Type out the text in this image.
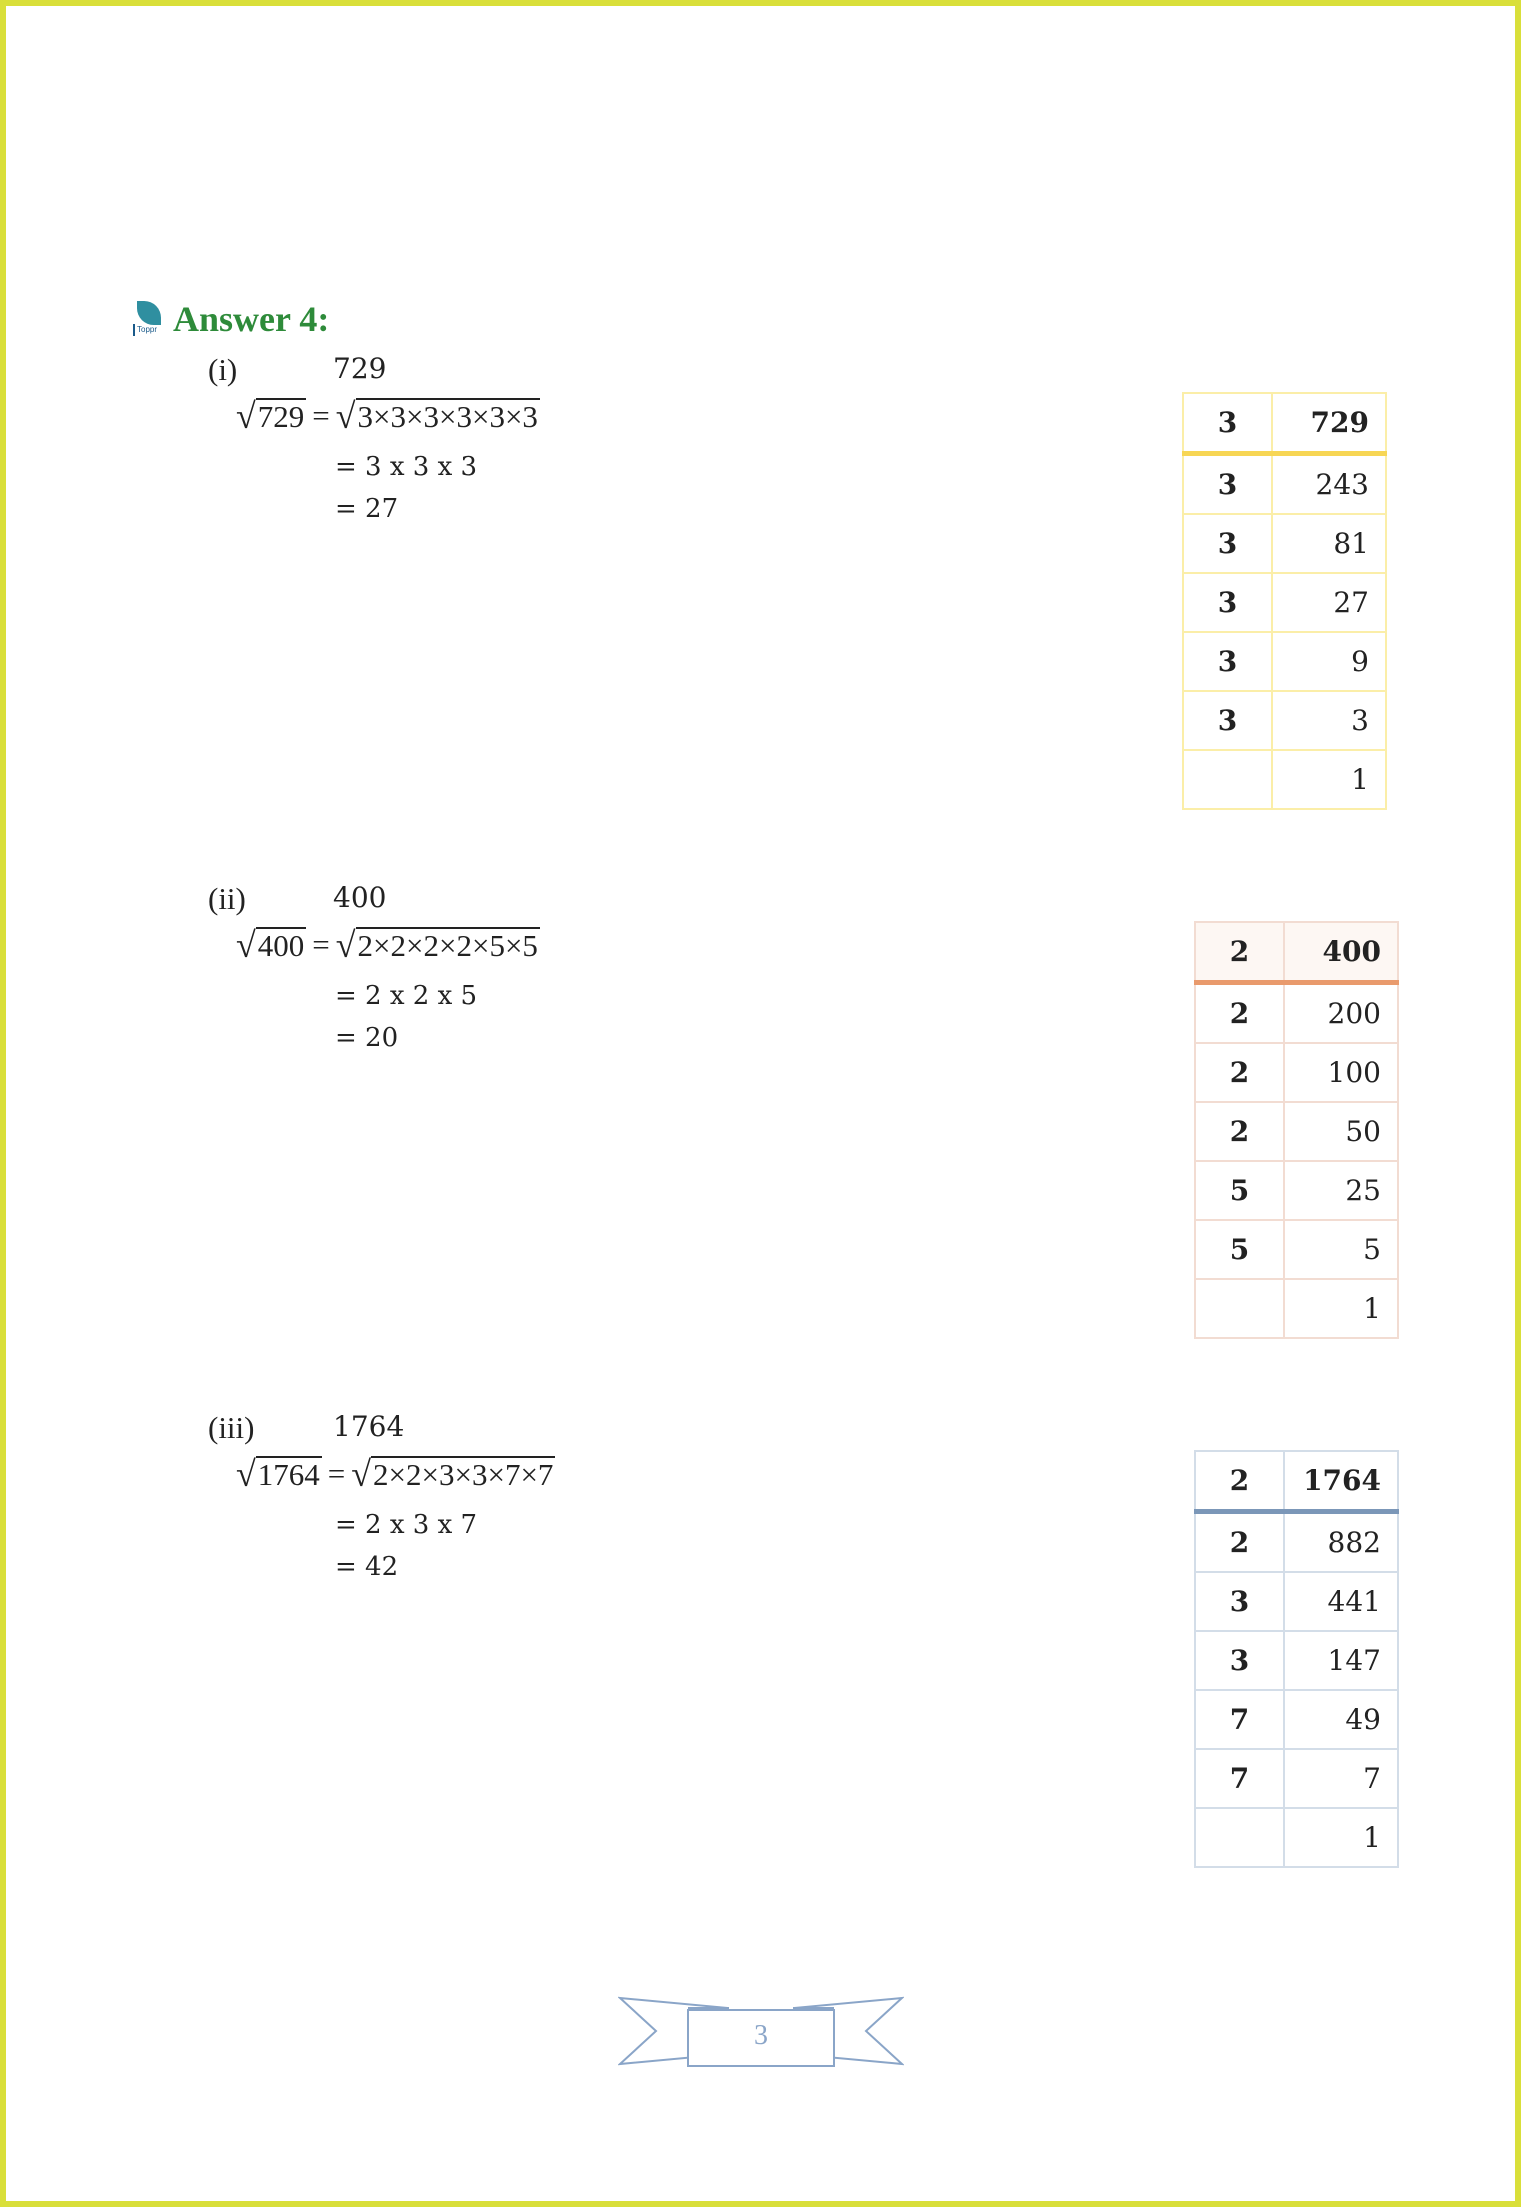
Toppr Answer 4:
(i)	729
√ 729 = √ 3×3×3×3×3×3
= 3 x 3 x 3
= 27
3	729
3	243
3	81
3	27
3	9
3	3
	1
(ii)	400
√ 400 = √ 2×2×2×2×5×5
= 2 x 2 x 5
= 20
2	400
2	200
2	100
2	50
5	25
5	5
	1
(iii)	1764
√ 1764 = √ 2×2×3×3×7×7
= 2 x 3 x 7
= 42
2	1764
2	882
3	441
3	147
7	49
7	7
	1
3
